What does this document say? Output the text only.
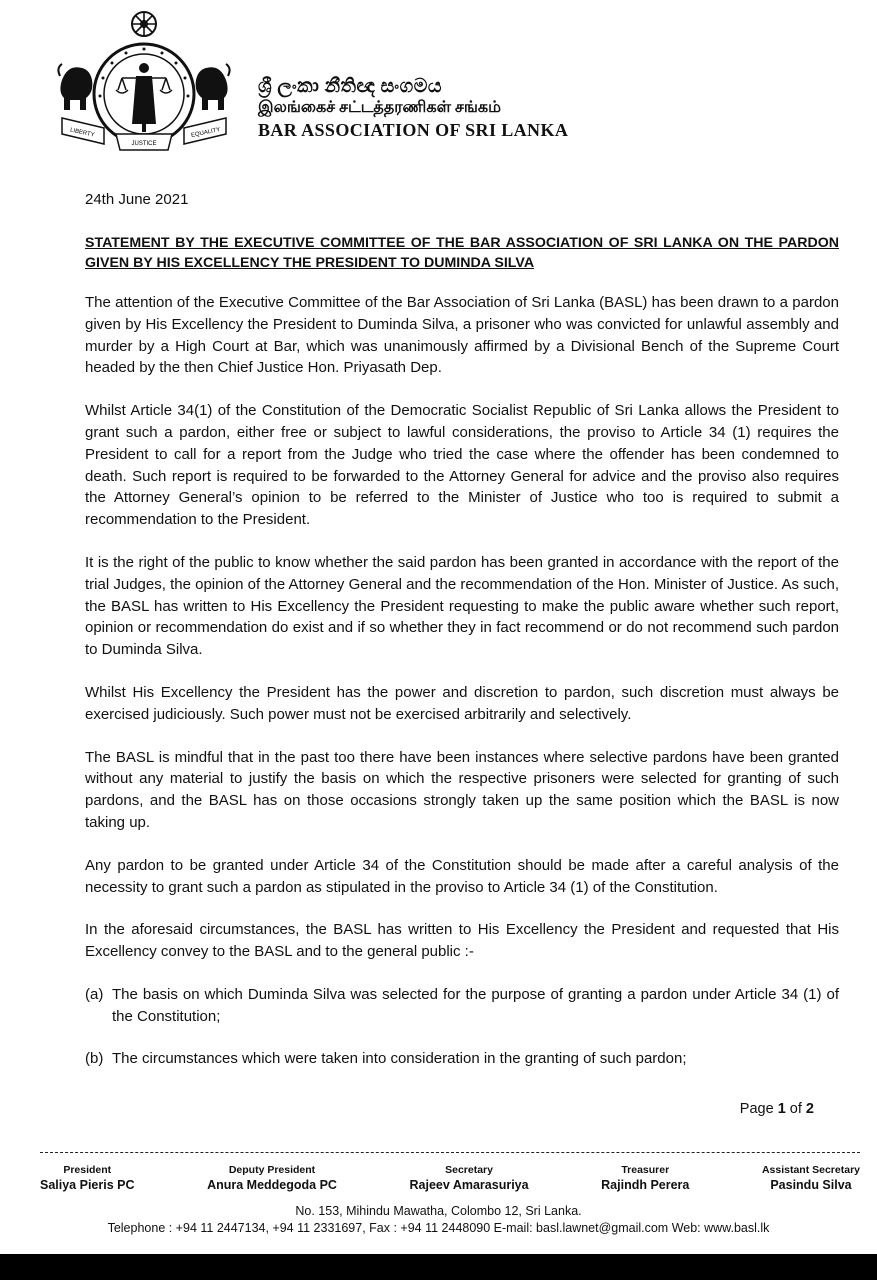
LIBERTY
JUSTICE
EQUALITY
ශ්‍රී ලංකා නීතිඥ සංගමය
இலங்கைச் சட்டத்தரணிகள் சங்கம்
BAR ASSOCIATION OF SRI LANKA
24th June 2021
STATEMENT BY THE EXECUTIVE COMMITTEE OF THE BAR ASSOCIATION OF SRI LANKA ON THE PARDON GIVEN BY HIS EXCELLENCY THE PRESIDENT TO DUMINDA SILVA

The attention of the Executive Committee of the Bar Association of Sri Lanka (BASL) has been drawn to a pardon given by His Excellency the President to Duminda Silva, a prisoner who was convicted for unlawful assembly and murder by a High Court at Bar, which was unanimously affirmed by a Divisional Bench of the Supreme Court headed by the then Chief Justice Hon. Priyasath Dep.

Whilst Article 34(1) of the Constitution of the Democratic Socialist Republic of Sri Lanka allows the President to grant such a pardon, either free or subject to lawful considerations, the proviso to Article 34 (1) requires the President to call for a report from the Judge who tried the case where the offender has been condemned to death. Such report is required to be forwarded to the Attorney General for advice and the proviso also requires the Attorney General’s opinion to be referred to the Minister of Justice who too is required to submit a recommendation to the President.

It is the right of the public to know whether the said pardon has been granted in accordance with the report of the trial Judges, the opinion of the Attorney General and the recommendation of the Hon. Minister of Justice. As such, the BASL has written to His Excellency the President requesting to make the public aware whether such report, opinion or recommendation do exist and if so whether they in fact recommend or do not recommend such pardon to Duminda Silva.

Whilst His Excellency the President has the power and discretion to pardon, such discretion must always be exercised judiciously. Such power must not be exercised arbitrarily and selectively.

The BASL is mindful that in the past too there have been instances where selective pardons have been granted without any material to justify the basis on which the respective prisoners were selected for granting of such pardons, and the BASL has on those occasions strongly taken up the same position which the BASL is now taking up.

Any pardon to be granted under Article 34 of the Constitution should be made after a careful analysis of the necessity to grant such a pardon as stipulated in the proviso to Article 34 (1) of the Constitution.

In the aforesaid circumstances, the BASL has written to His Excellency the President and requested that His Excellency convey to the BASL and to the general public :-

(a) The basis on which Duminda Silva was selected for the purpose of granting a pardon under Article 34 (1) of the Constitution;
(b) The circumstances which were taken into consideration in the granting of such pardon;
Page 1 of 2
President
Saliya Pieris PC
Deputy President
Anura Meddegoda PC
Secretary
Rajeev Amarasuriya
Treasurer
Rajindh Perera
Assistant Secretary
Pasindu Silva
No. 153, Mihindu Mawatha, Colombo 12, Sri Lanka.
Telephone : +94 11 2447134, +94 11 2331697, Fax : +94 11 2448090 E-mail: basl.lawnet@gmail.com Web: www.basl.lk
